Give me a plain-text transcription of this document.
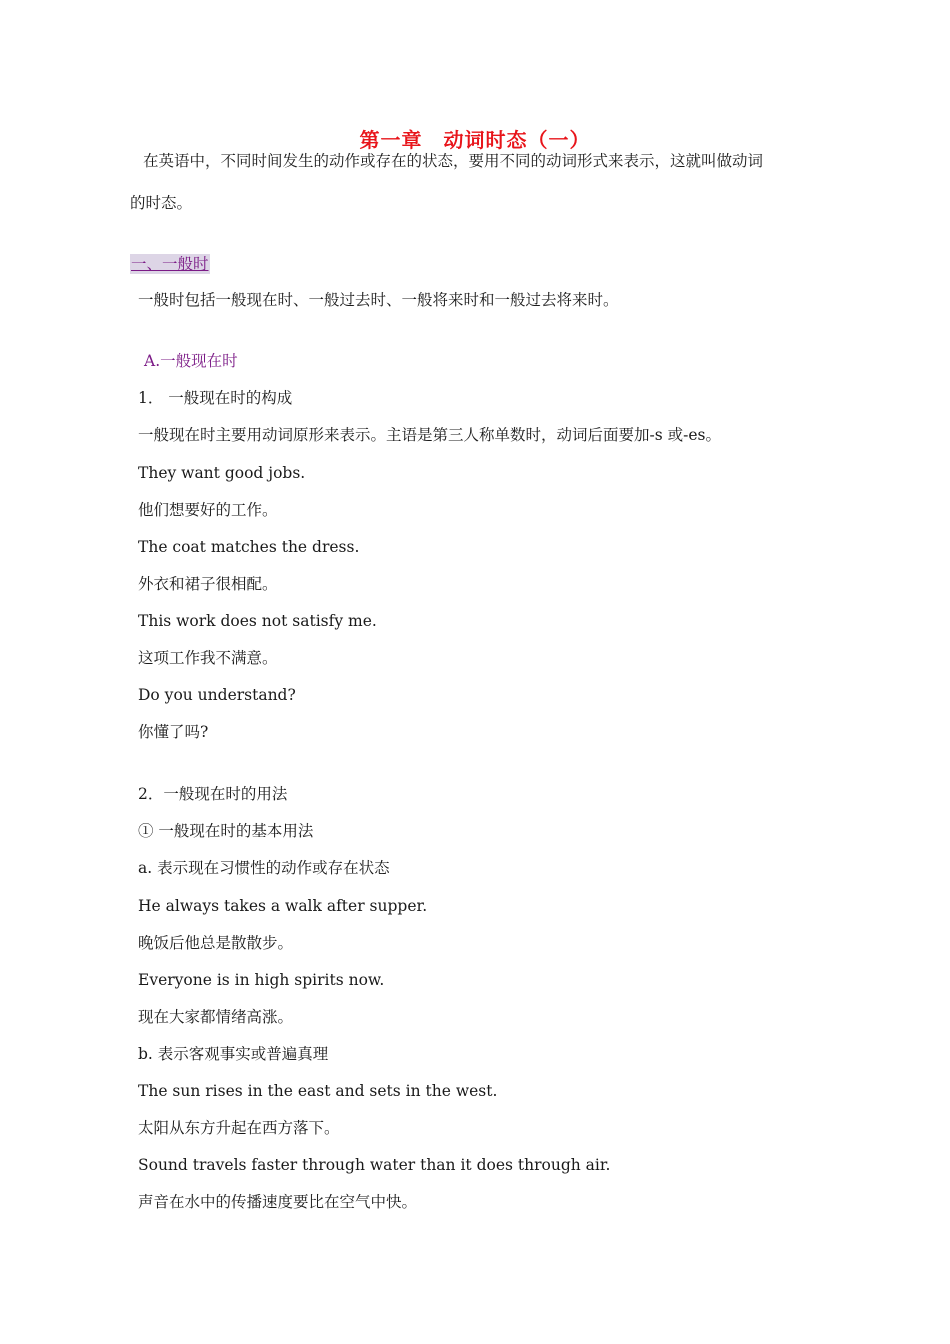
第一章　动词时态（一）
在英语中，不同时间发生的动作或存在的状态，要用不同的动词形式来表示，这就叫做动词
的时态。
一、一般时
一般时包括一般现在时、一般过去时、一般将来时和一般过去将来时。
A.一般现在时
1． 一般现在时的构成
一般现在时主要用动词原形来表示。主语是第三人称单数时，动词后面要加-s 或-es。
They want good jobs.
他们想要好的工作。
The coat matches the dress.
外衣和裙子很相配。
This work does not satisfy me.
这项工作我不满意。
Do you understand?
你懂了吗?
2．一般现在时的用法
① 一般现在时的基本用法
a. 表示现在习惯性的动作或存在状态
He always takes a walk after supper.
晚饭后他总是散散步。
Everyone is in high spirits now.
现在大家都情绪高涨。
b. 表示客观事实或普遍真理
The sun rises in the east and sets in the west.
太阳从东方升起在西方落下。
Sound travels faster through water than it does through air.
声音在水中的传播速度要比在空气中快。
